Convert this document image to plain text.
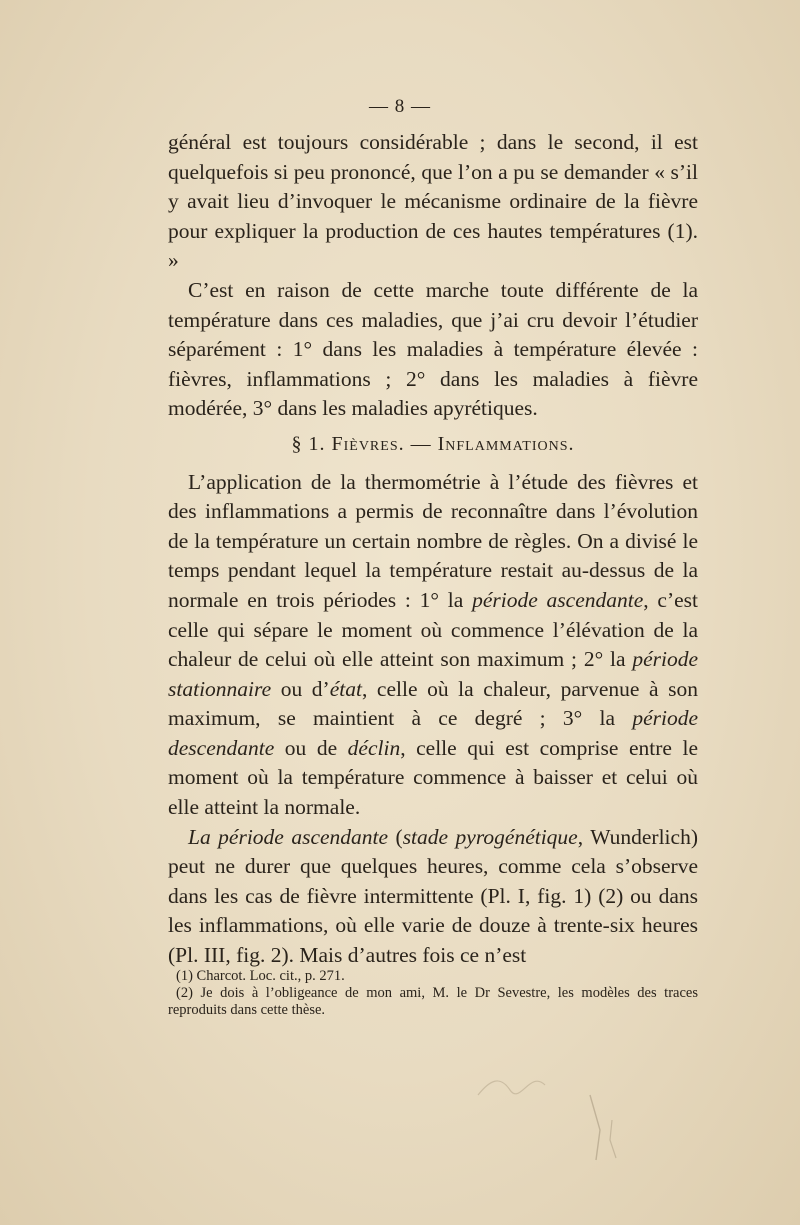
— 8 —

général est toujours considérable ; dans le second, il est quelquefois si peu prononcé, que l’on a pu se demander « s’il y avait lieu d’invoquer le mécanisme ordinaire de la fièvre pour expliquer la production de ces hautes températures (1). »

C’est en raison de cette marche toute différente de la température dans ces maladies, que j’ai cru devoir l’étudier séparément : 1° dans les maladies à température élevée : fièvres, inflammations ; 2° dans les maladies à fièvre modérée, 3° dans les maladies apyrétiques.

§ 1. Fièvres. — Inflammations.

L’application de la thermométrie à l’étude des fièvres et des inflammations a permis de reconnaître dans l’évolution de la température un certain nombre de règles. On a divisé le temps pendant lequel la température restait au-dessus de la normale en trois périodes : 1° la période ascendante, c’est celle qui sépare le moment où commence l’élévation de la chaleur de celui où elle atteint son maximum ; 2° la période stationnaire ou d’état, celle où la chaleur, parvenue à son maximum, se maintient à ce degré ; 3° la période descendante ou de déclin, celle qui est comprise entre le moment où la température commence à baisser et celui où elle atteint la normale.

La période ascendante (stade pyrogénétique, Wunderlich) peut ne durer que quelques heures, comme cela s’observe dans les cas de fièvre intermittente (Pl. I, fig. 1) (2) ou dans les inflammations, où elle varie de douze à trente-six heures (Pl. III, fig. 2). Mais d’autres fois ce n’est

(1) Charcot. Loc. cit., p. 271.

(2) Je dois à l’obligeance de mon ami, M. le Dr Sevestre, les modèles des traces reproduits dans cette thèse.
